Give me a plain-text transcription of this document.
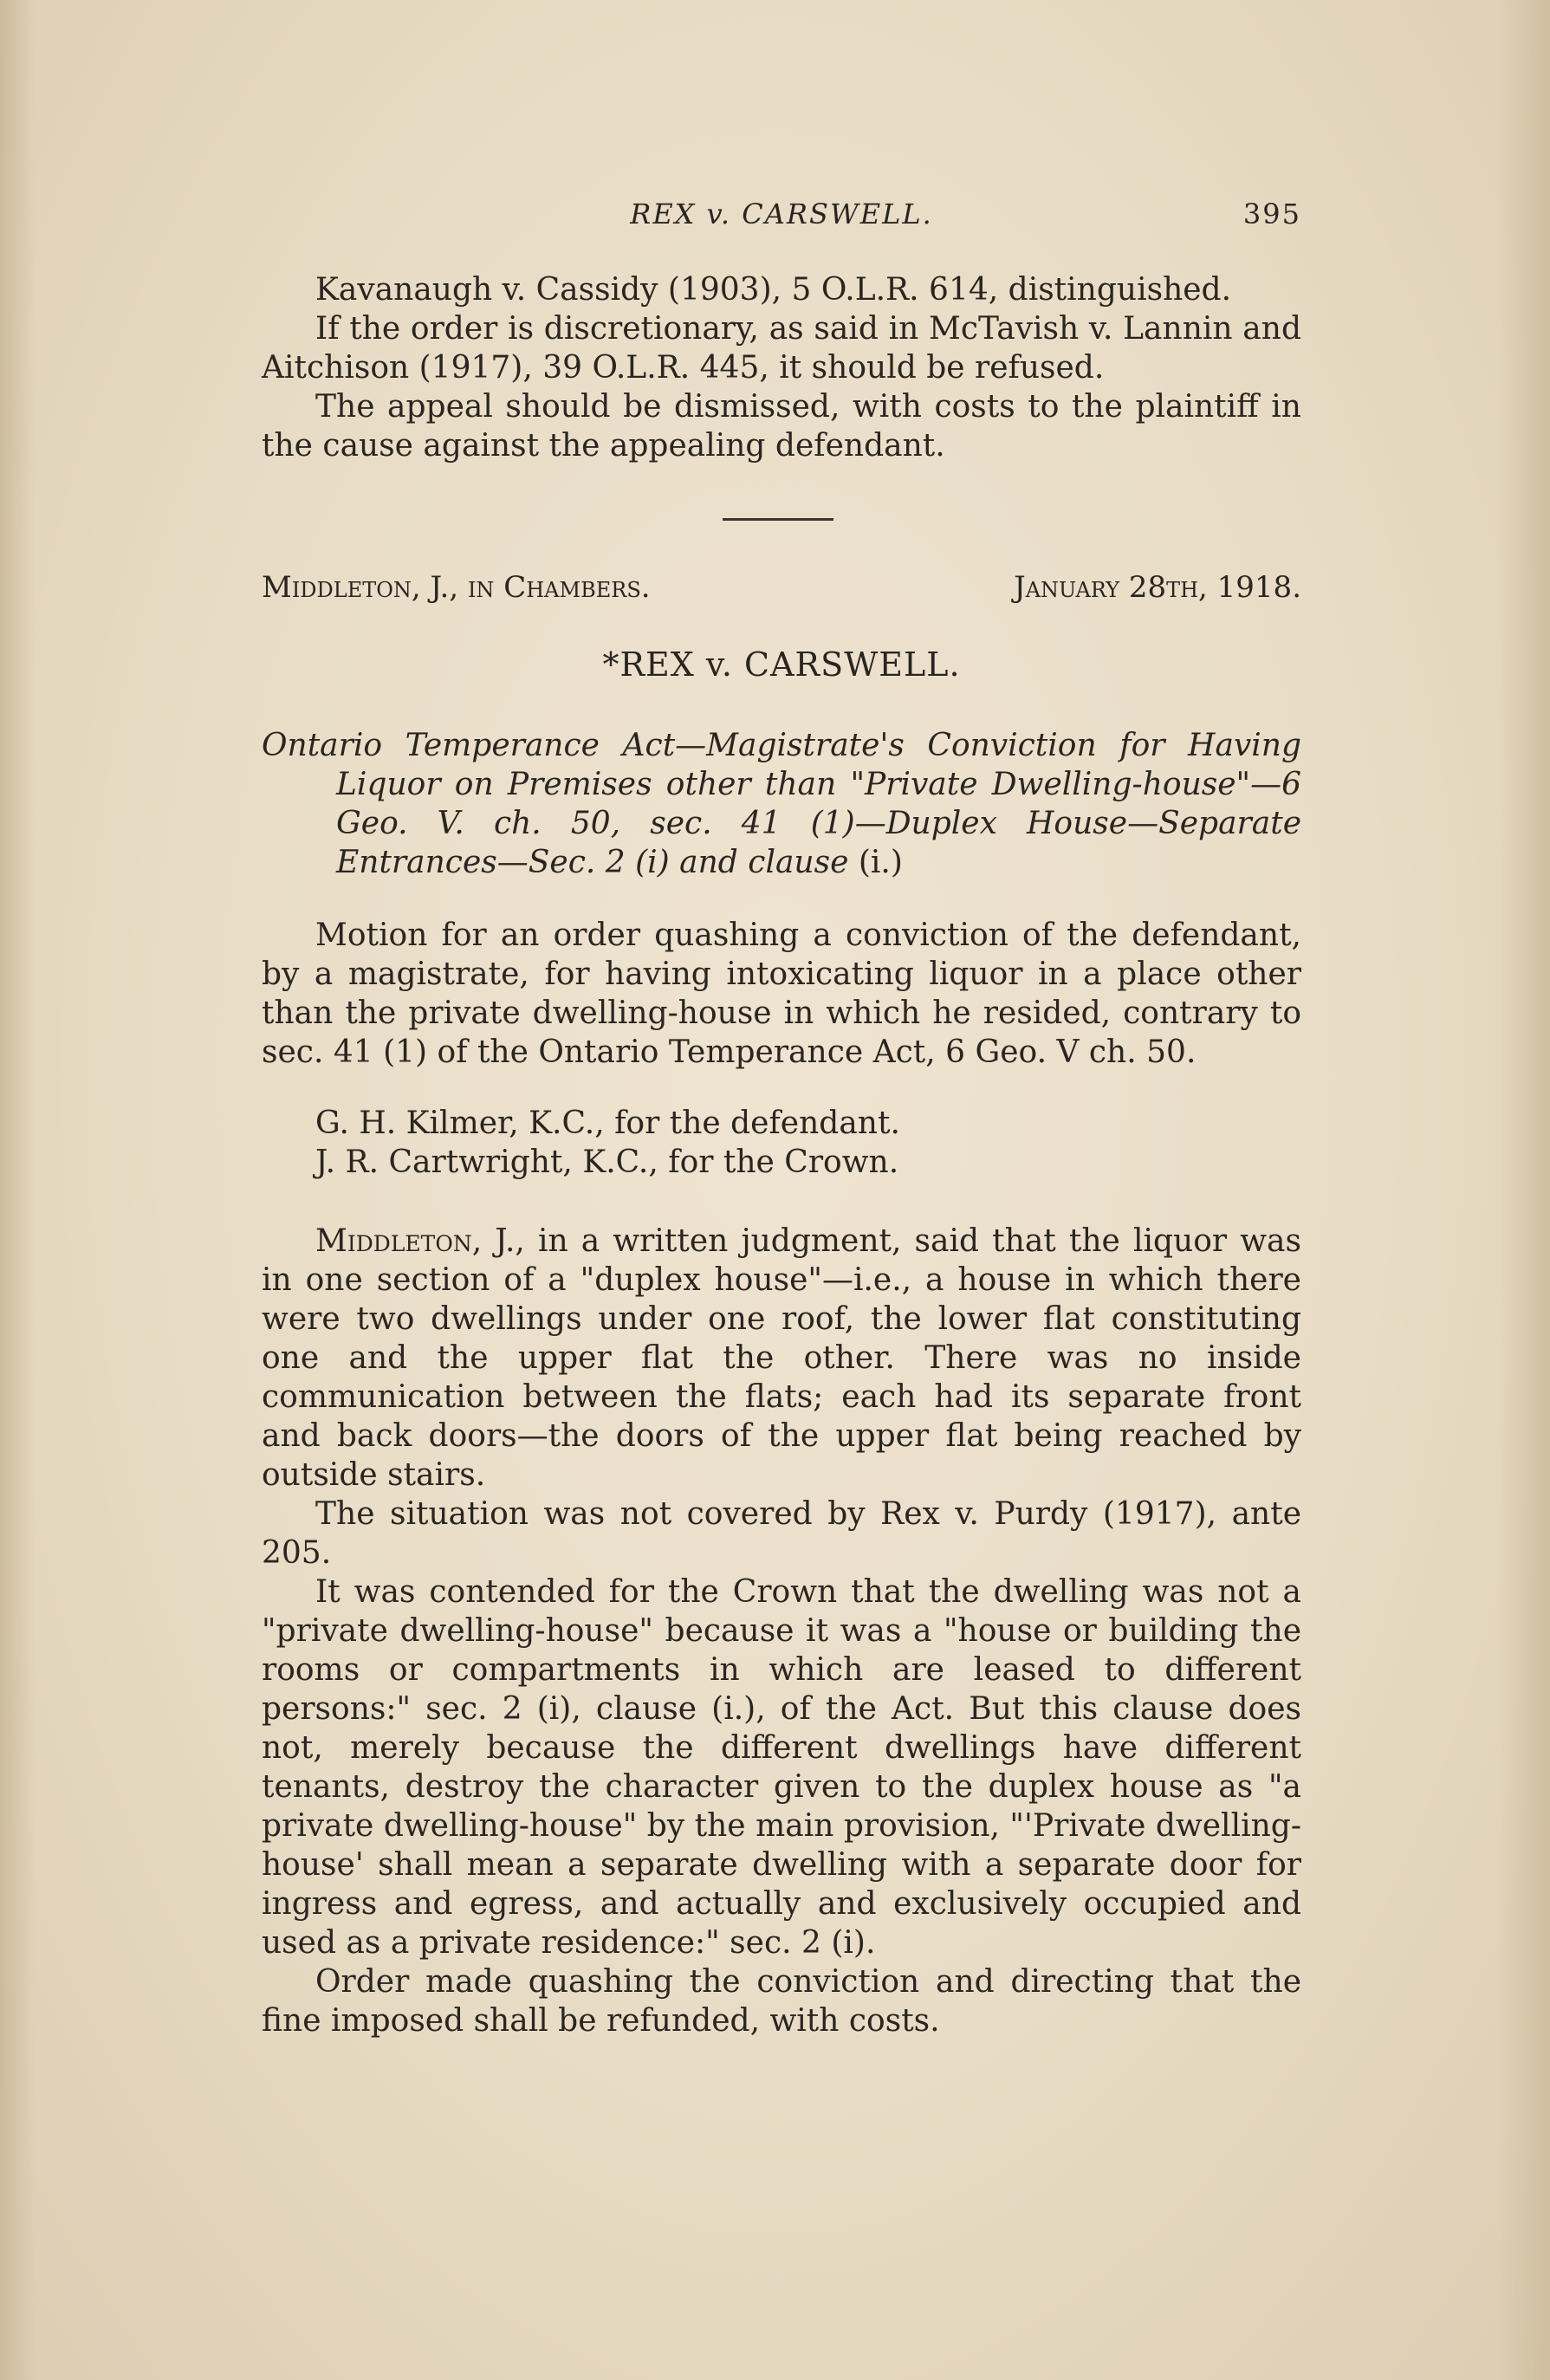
REX v. CARSWELL.	395

Kavanaugh v. Cassidy (1903), 5 O.L.R. 614, distinguished.

If the order is discretionary, as said in McTavish v. Lannin and Aitchison (1917), 39 O.L.R. 445, it should be refused.

The appeal should be dismissed, with costs to the plaintiff in the cause against the appealing defendant.

Middleton, J., in Chambers.	January 28th, 1918.
*REX v. CARSWELL.

Ontario Temperance Act—Magistrate's Conviction for Having Liquor on Premises other than "Private Dwelling-house"—6 Geo. V. ch. 50, sec. 41 (1)—Duplex House—Separate Entrances—Sec. 2 (i) and clause (i.)

Motion for an order quashing a conviction of the defendant, by a magistrate, for having intoxicating liquor in a place other than the private dwelling-house in which he resided, contrary to sec. 41 (1) of the Ontario Temperance Act, 6 Geo. V ch. 50.

G. H. Kilmer, K.C., for the defendant.

J. R. Cartwright, K.C., for the Crown.

Middleton, J., in a written judgment, said that the liquor was in one section of a "duplex house"—i.e., a house in which there were two dwellings under one roof, the lower flat constituting one and the upper flat the other. There was no inside communication between the flats; each had its separate front and back doors—the doors of the upper flat being reached by outside stairs.

The situation was not covered by Rex v. Purdy (1917), ante 205.

It was contended for the Crown that the dwelling was not a "private dwelling-house" because it was a "house or building the rooms or compartments in which are leased to different persons:" sec. 2 (i), clause (i.), of the Act. But this clause does not, merely because the different dwellings have different tenants, destroy the character given to the duplex house as "a private dwelling-house" by the main provision, "'Private dwelling-house' shall mean a separate dwelling with a separate door for ingress and egress, and actually and exclusively occupied and used as a private residence:" sec. 2 (i).

Order made quashing the conviction and directing that the fine imposed shall be refunded, with costs.
